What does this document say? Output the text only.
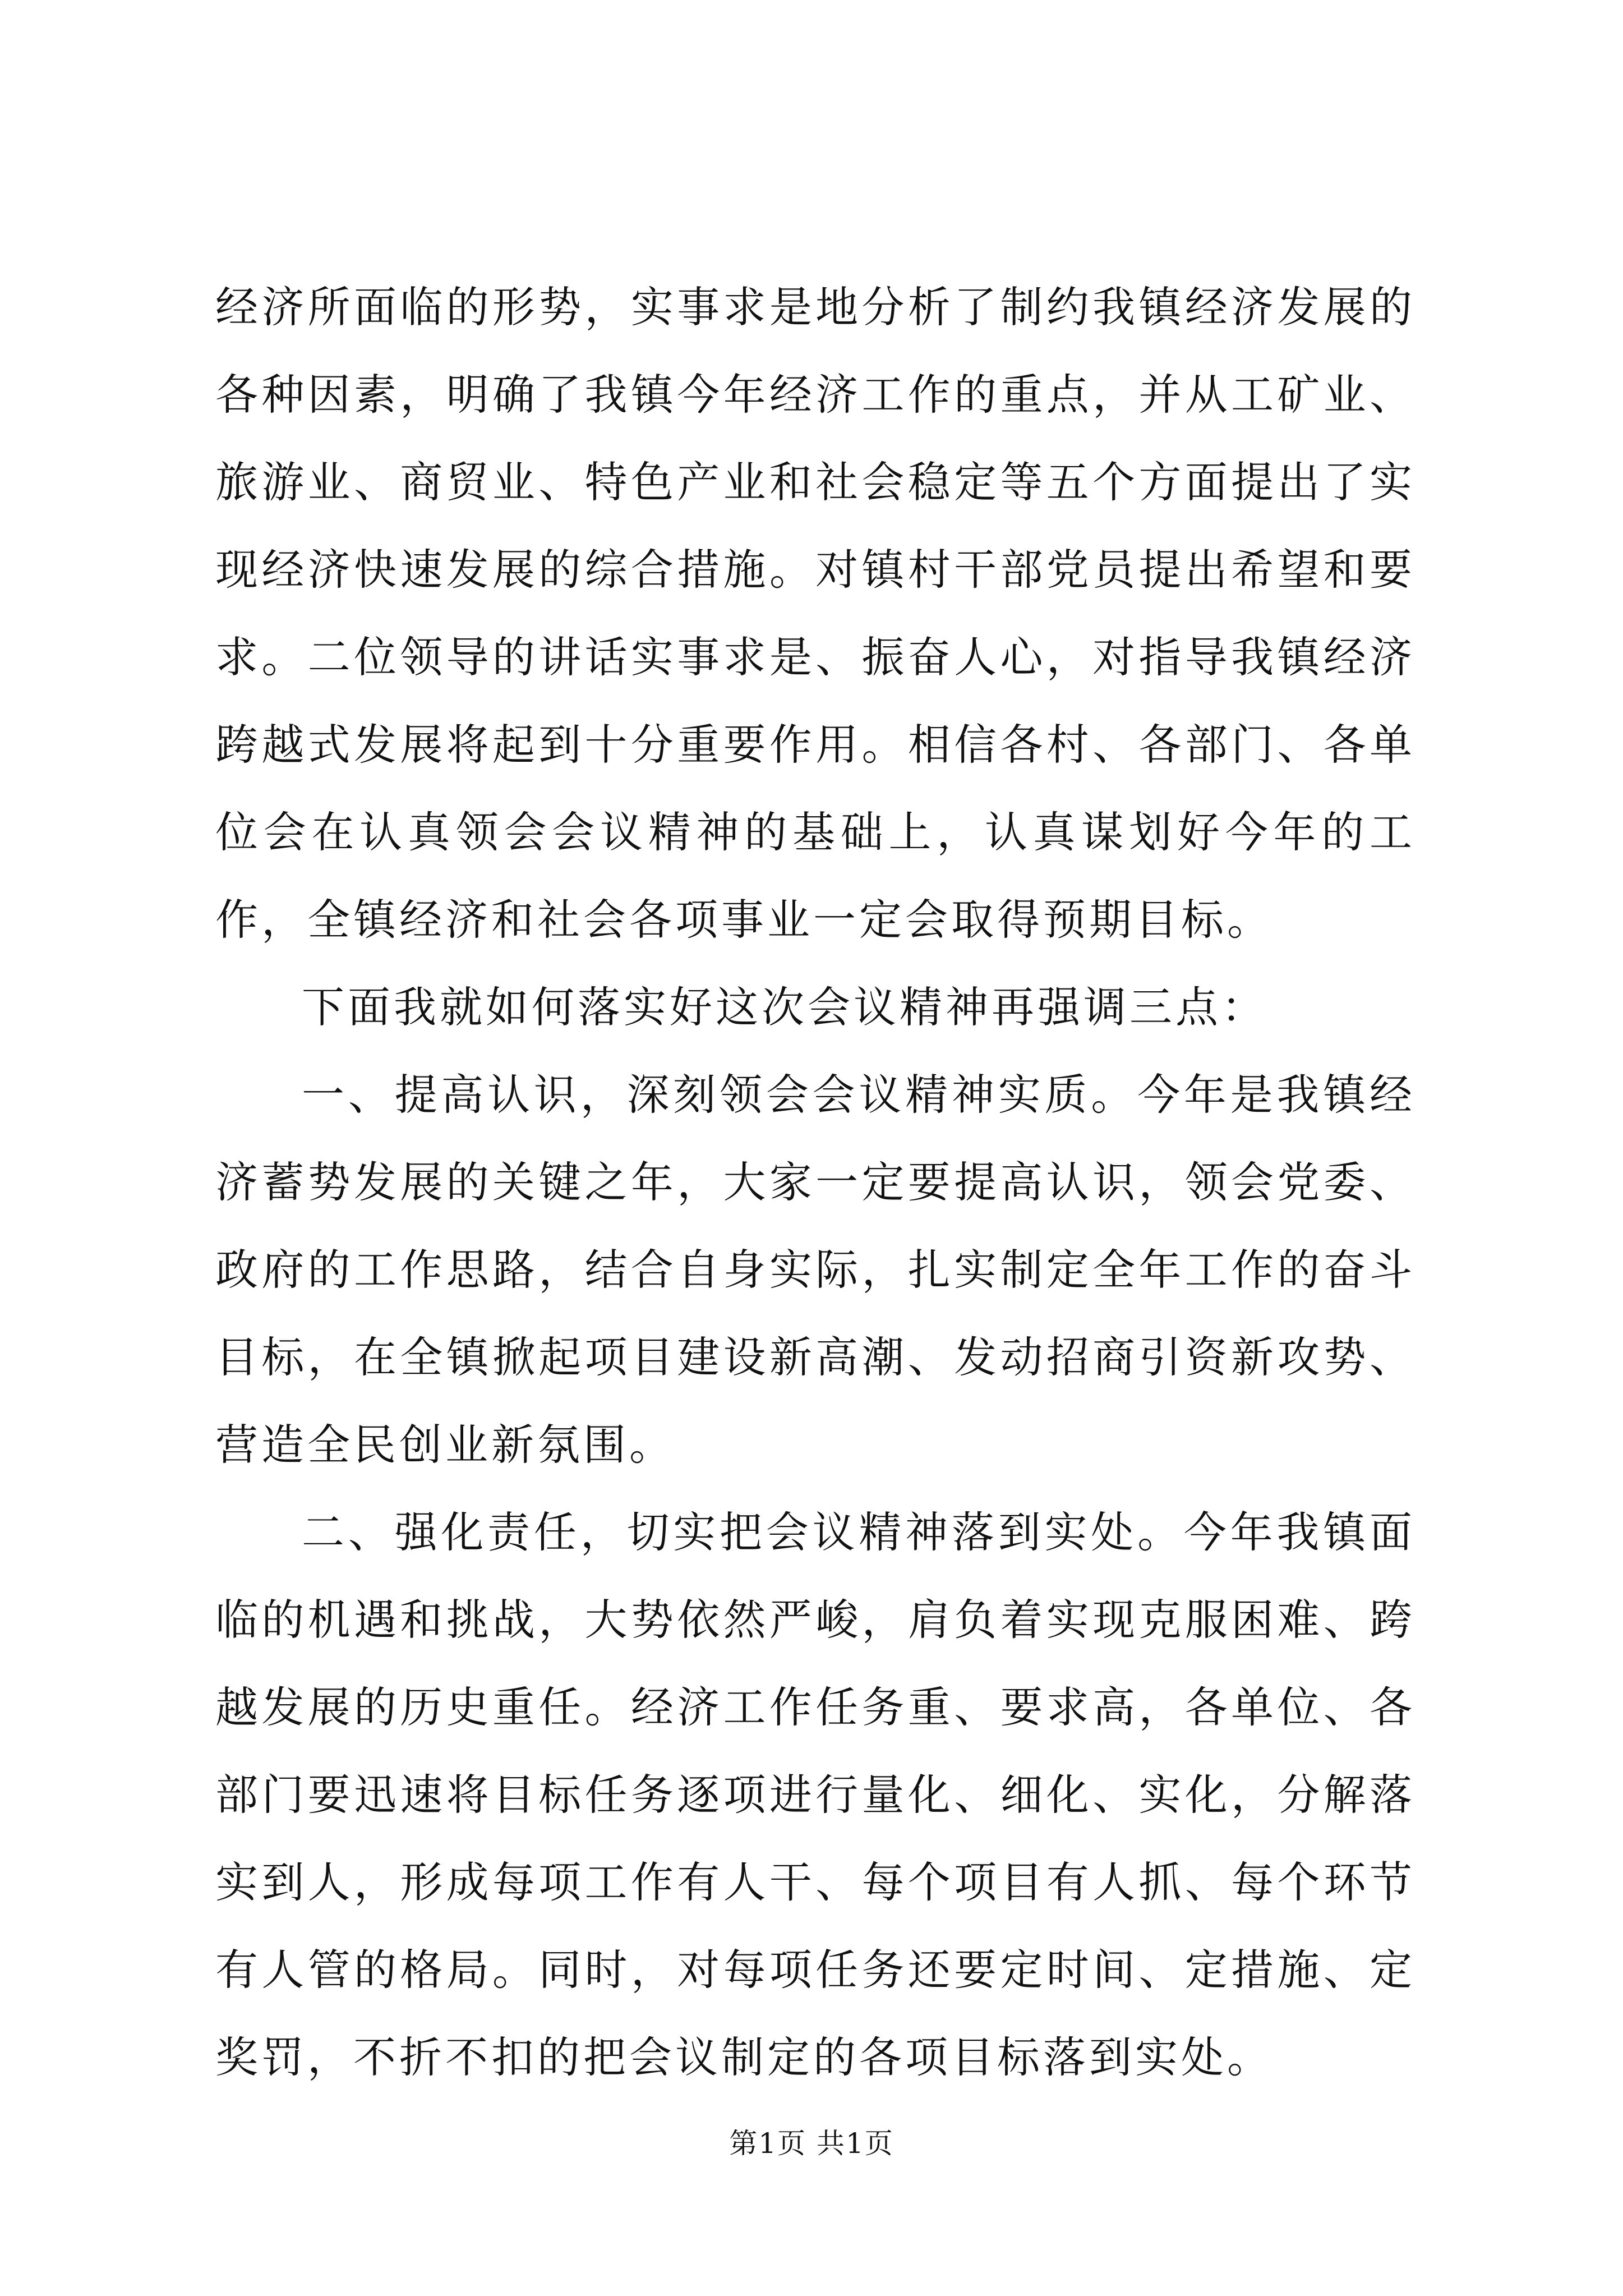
经济所面临的形势，实事求是地分析了制约我镇经济发展的各种因素，明确了我镇今年经济工作的重点，并从工矿业、旅游业、商贸业、特色产业和社会稳定等五个方面提出了实现经济快速发展的综合措施。对镇村干部党员提出希望和要求。二位领导的讲话实事求是、振奋人心，对指导我镇经济跨越式发展将起到十分重要作用。相信各村、各部门、各单位会在认真领会会议精神的基础上，认真谋划好今年的工作，全镇经济和社会各项事业一定会取得预期目标。

下面我就如何落实好这次会议精神再强调三点：

一、提高认识，深刻领会会议精神实质。今年是我镇经济蓄势发展的关键之年，大家一定要提高认识，领会党委、政府的工作思路，结合自身实际，扎实制定全年工作的奋斗目标，在全镇掀起项目建设新高潮、发动招商引资新攻势、营造全民创业新氛围。

二、强化责任，切实把会议精神落到实处。今年我镇面临的机遇和挑战，大势依然严峻，肩负着实现克服困难、跨越发展的历史重任。经济工作任务重、要求高，各单位、各部门要迅速将目标任务逐项进行量化、细化、实化，分解落实到人，形成每项工作有人干、每个项目有人抓、每个环节有人管的格局。同时，对每项任务还要定时间、定措施、定奖罚，不折不扣的把会议制定的各项目标落到实处。

第1页 共1页
